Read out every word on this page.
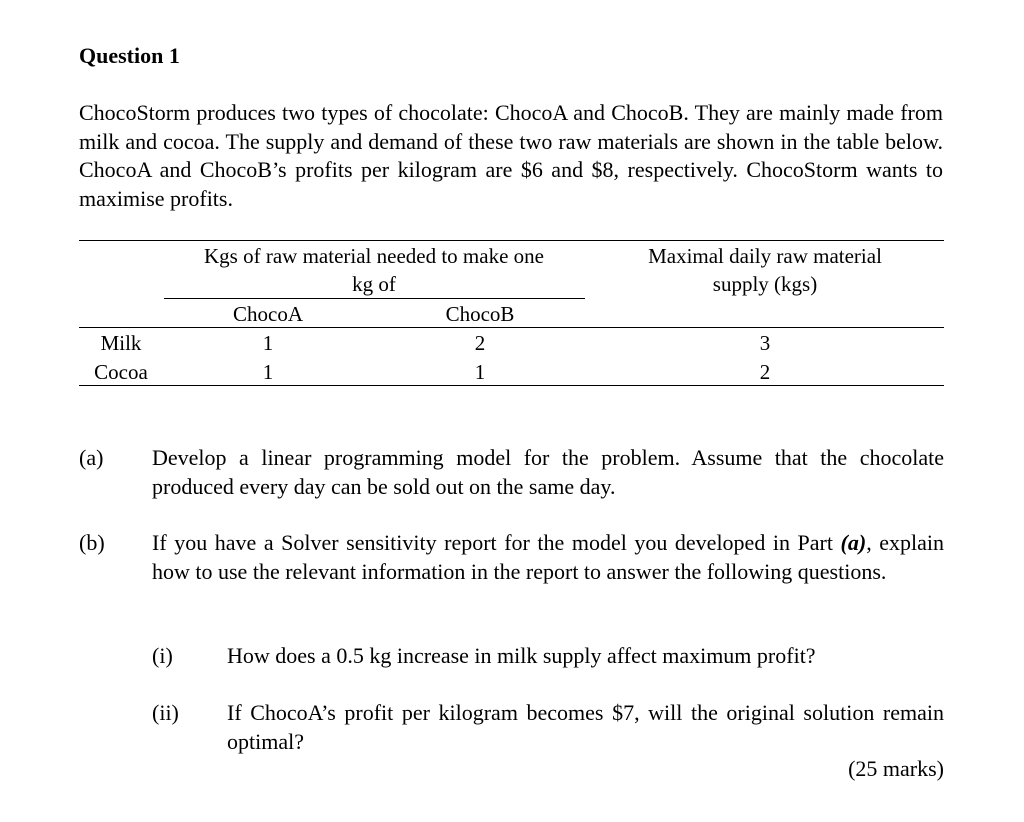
Question 1
ChocoStorm produces two types of chocolate: ChocoA and ChocoB. They are mainly made from milk and cocoa. The supply and demand of these two raw materials are shown in the table below. ChocoA and ChocoB’s profits per kilogram are $6 and $8, respectively. ChocoStorm wants to maximise profits.
Kgs of raw material needed to make one
kg of
Maximal daily raw material
supply (kgs)
ChocoA	ChocoB
Milk	1	2	3
Cocoa	1	1	2
(a) Develop a linear programming model for the problem. Assume that the chocolate produced every day can be sold out on the same day.
(b) If you have a Solver sensitivity report for the model you developed in Part (a), explain how to use the relevant information in the report to answer the following questions.
(i) How does a 0.5 kg increase in milk supply affect maximum profit?
(ii) If ChocoA’s profit per kilogram becomes $7, will the original solution remain optimal?
(25 marks)
